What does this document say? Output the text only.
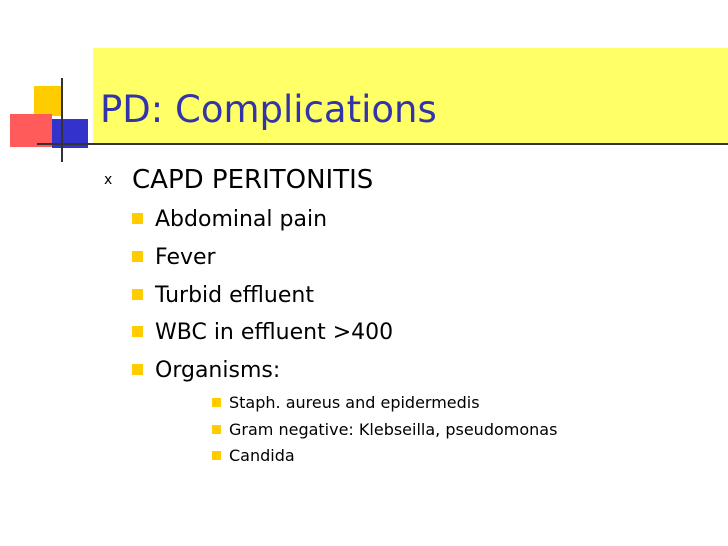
PD: Complications
x CAPD PERITONITIS
Abdominal pain
Fever
Turbid effluent
WBC in effluent >400
Organisms:
Staph. aureus and epidermedis
Gram negative: Klebseilla, pseudomonas
Candida
